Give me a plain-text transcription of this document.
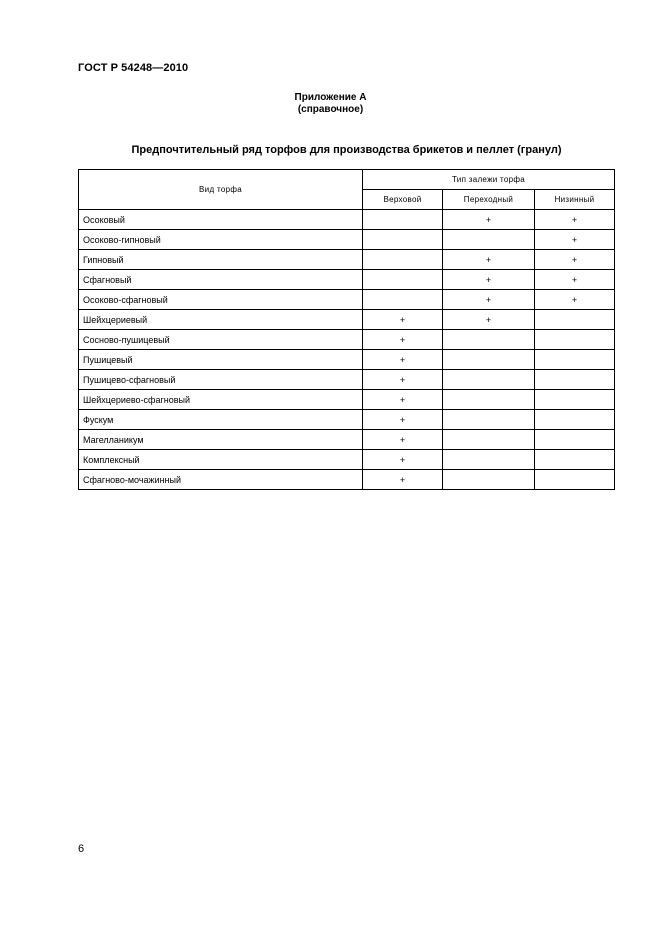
ГОСТ Р 54248—2010
Приложение А
(справочное)
Предпочтительный ряд торфов для производства брикетов и пеллет (гранул)
Вид торфа	Тип залежи торфа		
	Верховой	Переходный	Низинный
Осоковый		+	+
Осоково-гипновый			+
Гипновый		+	+
Сфагновый		+	+
Осоково-сфагновый		+	+
Шейхцериевый	+	+	
Сосново-пушицевый	+		
Пушицевый	+		
Пушицево-сфагновый	+		
Шейхцериево-сфагновый	+		
Фускум	+		
Магелланикум	+		
Комплексный	+		
Сфагново-мочажинный	+		
6
